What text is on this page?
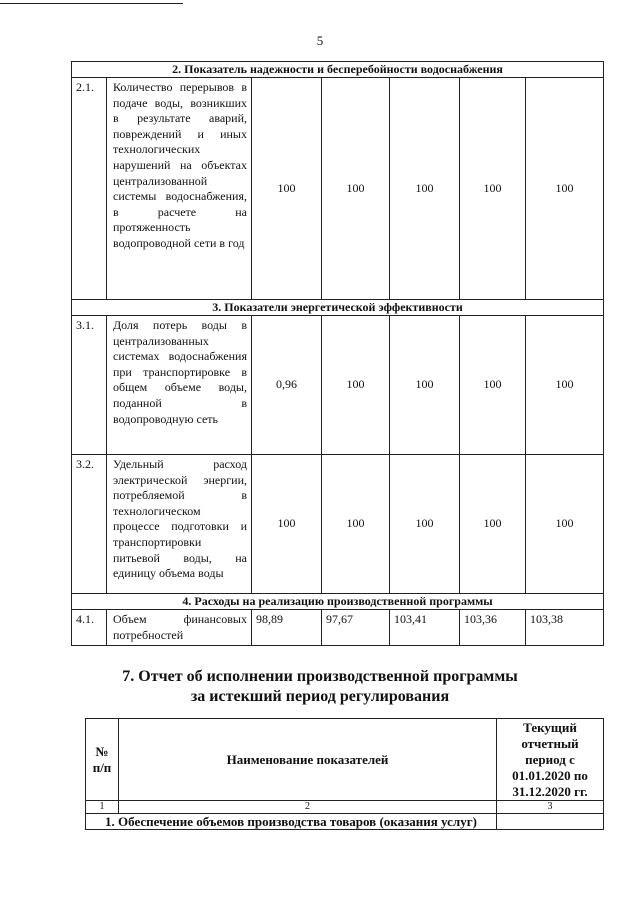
5
2. Показатель надежности и бесперебойности водоснабжения						
2.1.	Количество перерывов в подаче воды, возникших в результате аварий, повреждений и иных технологических нарушений на объектах централизованной системы водоснабжения, в расчете на протяженность водопроводной сети в год	100	100	100	100	100
3. Показатели энергетической эффективности						
3.1.	Доля потерь воды в централизованных системах водоснабжения при транспортировке в общем объеме воды, поданной в водопроводную сеть	0,96	100	100	100	100
3.2.	Удельный расход электрической энергии, потребляемой в технологическом процессе подготовки и транспортировки питьевой воды, на единицу объема воды	100	100	100	100	100
4. Расходы на реализацию производственной программы						
4.1.	Объем финансовых потребностей	98,89	97,67	103,41	103,36	103,38
7. Отчет об исполнении производственной программы
за истекший период регулирования
№ п/п	Наименование показателей	Текущий отчетный период с 01.01.2020 по 31.12.2020 гг.
1	2	3
1. Обеспечение объемов производства товаров (оказания услуг)		
